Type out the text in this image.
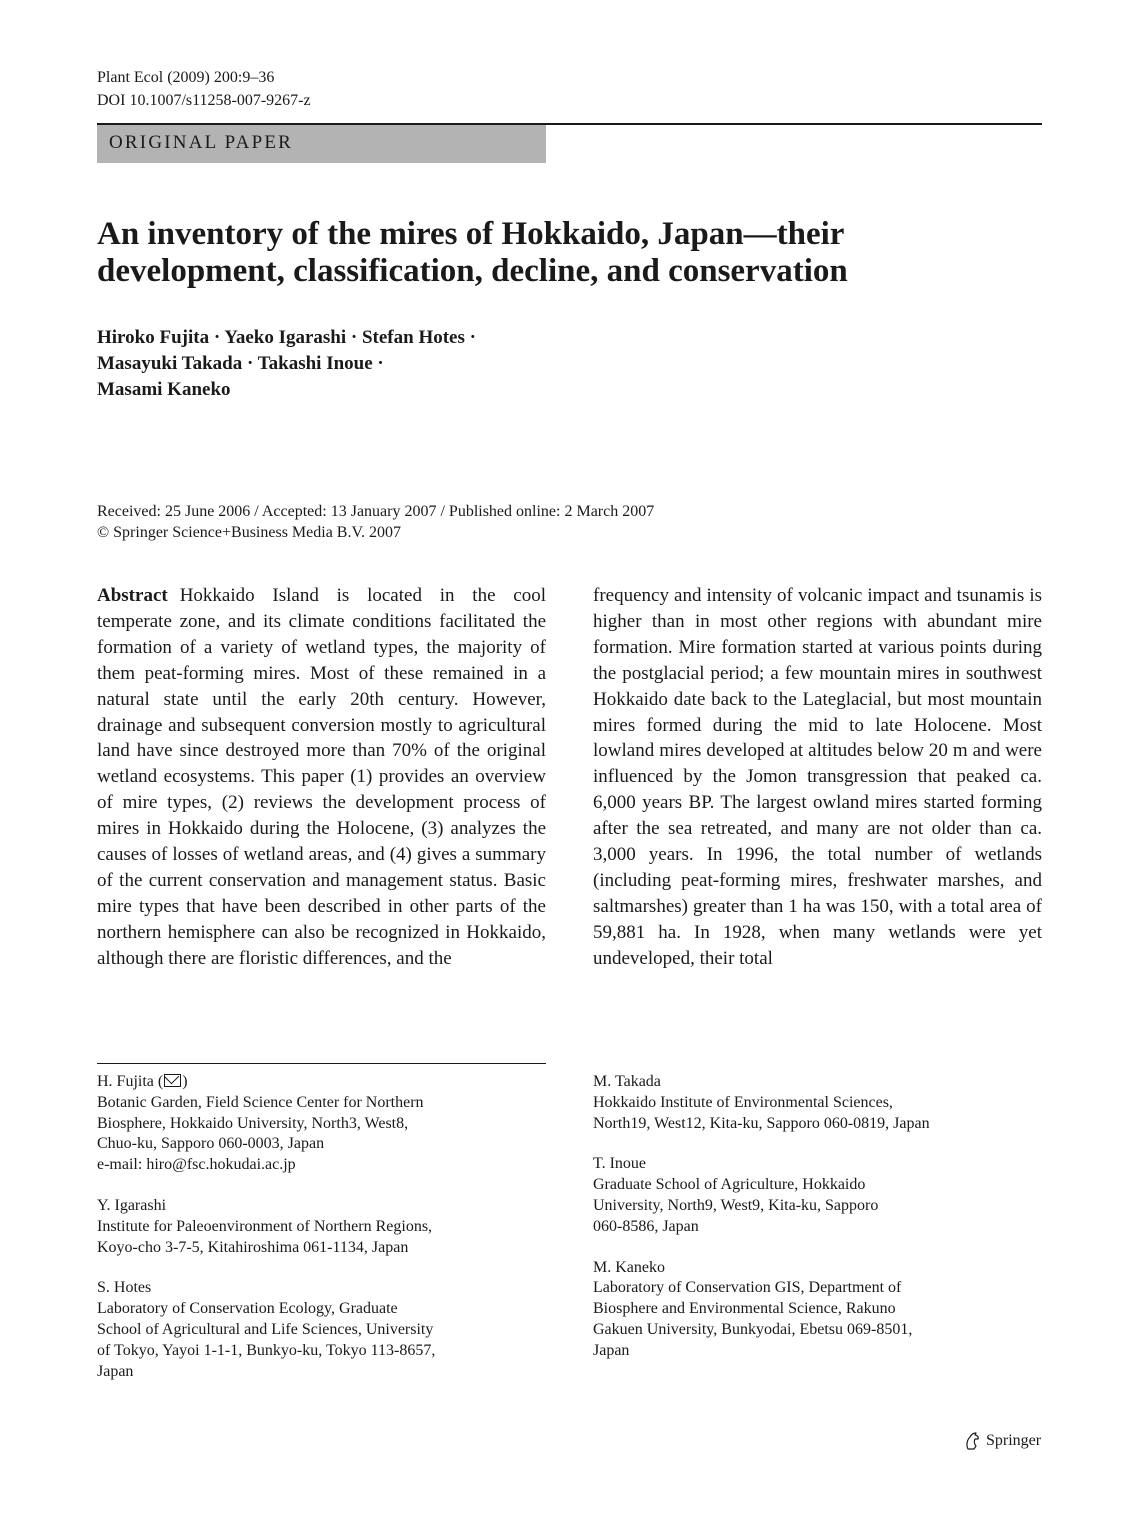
Plant Ecol (2009) 200:9–36
DOI 10.1007/s11258-007-9267-z
ORIGINAL PAPER
An inventory of the mires of Hokkaido, Japan—their
development, classification, decline, and conservation
Hiroko Fujita · Yaeko Igarashi · Stefan Hotes ·
Masayuki Takada · Takashi Inoue ·
Masami Kaneko
Received: 25 June 2006 / Accepted: 13 January 2007 / Published online: 2 March 2007
© Springer Science+Business Media B.V. 2007
Abstract Hokkaido Island is located in the cool temperate zone, and its climate conditions facilitated the formation of a variety of wetland types, the majority of them peat-forming mires. Most of these remained in a natural state until the early 20th century. However, drainage and subsequent conversion mostly to agricultural land have since destroyed more than 70% of the original wetland ecosystems. This paper (1) provides an overview of mire types, (2) reviews the development process of mires in Hokkaido during the Holocene, (3) analyzes the causes of losses of wetland areas, and (4) gives a summary of the current conservation and management status. Basic mire types that have been described in other parts of the northern hemisphere can also be recognized in Hokkaido, although there are floristic differences, and the
frequency and intensity of volcanic impact and tsunamis is higher than in most other regions with abundant mire formation. Mire formation started at various points during the postglacial period; a few mountain mires in southwest Hokkaido date back to the Lateglacial, but most mountain mires formed during the mid to late Holocene. Most lowland mires developed at altitudes below 20 m and were influenced by the Jomon transgression that peaked ca. 6,000 years BP. The largest owland mires started forming after the sea retreated, and many are not older than ca. 3,000 years. In 1996, the total number of wetlands (including peat-forming mires, freshwater marshes, and saltmarshes) greater than 1 ha was 150, with a total area of 59,881 ha. In 1928, when many wetlands were yet undeveloped, their total
H. Fujita ( )
Botanic Garden, Field Science Center for Northern
Biosphere, Hokkaido University, North3, West8,
Chuo-ku, Sapporo 060-0003, Japan
e-mail: hiro@fsc.hokudai.ac.jp
Y. Igarashi
Institute for Paleoenvironment of Northern Regions,
Koyo-cho 3-7-5, Kitahiroshima 061-1134, Japan
S. Hotes
Laboratory of Conservation Ecology, Graduate
School of Agricultural and Life Sciences, University
of Tokyo, Yayoi 1-1-1, Bunkyo-ku, Tokyo 113-8657,
Japan
M. Takada
Hokkaido Institute of Environmental Sciences,
North19, West12, Kita-ku, Sapporo 060-0819, Japan
T. Inoue
Graduate School of Agriculture, Hokkaido
University, North9, West9, Kita-ku, Sapporo
060-8586, Japan
M. Kaneko
Laboratory of Conservation GIS, Department of
Biosphere and Environmental Science, Rakuno
Gakuen University, Bunkyodai, Ebetsu 069-8501,
Japan
Springer
